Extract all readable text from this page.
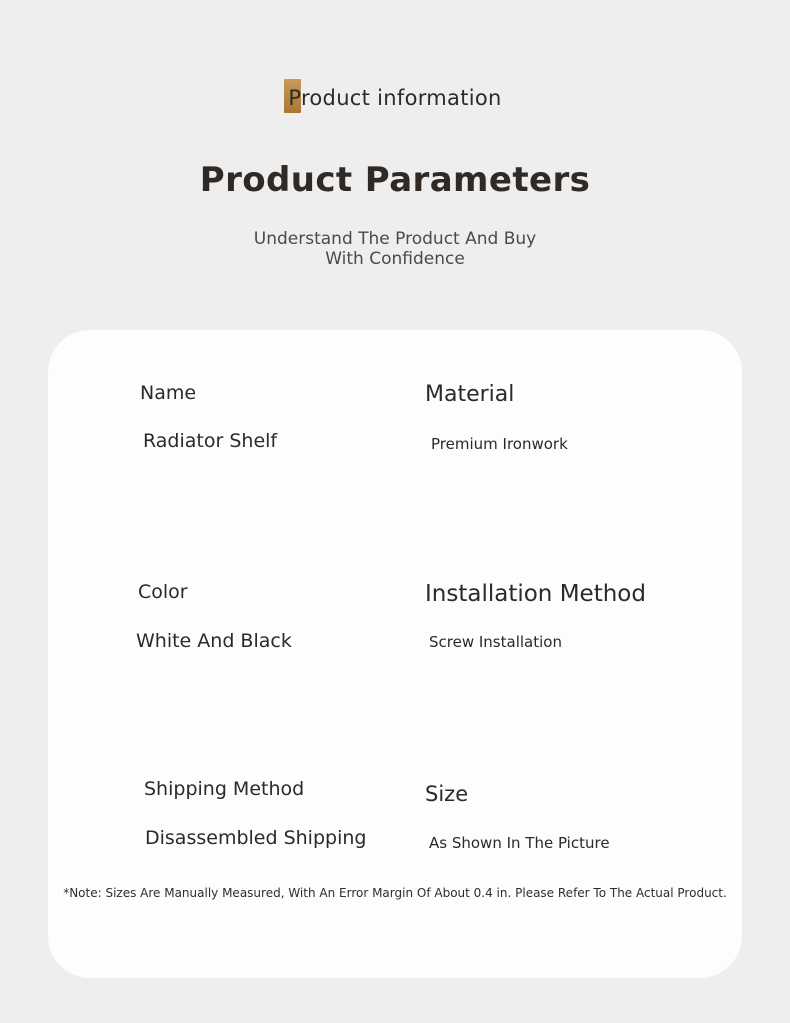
Product information
Product Parameters
Understand The Product And Buy With Confidence
Name
Radiator Shelf
Material
Premium Ironwork
Color
White And Black
Installation Method
Screw Installation
Shipping Method
Disassembled Shipping
Size
As Shown In The Picture
*Note: Sizes Are Manually Measured, With An Error Margin Of About 0.4 in. Please Refer To The Actual Product.
